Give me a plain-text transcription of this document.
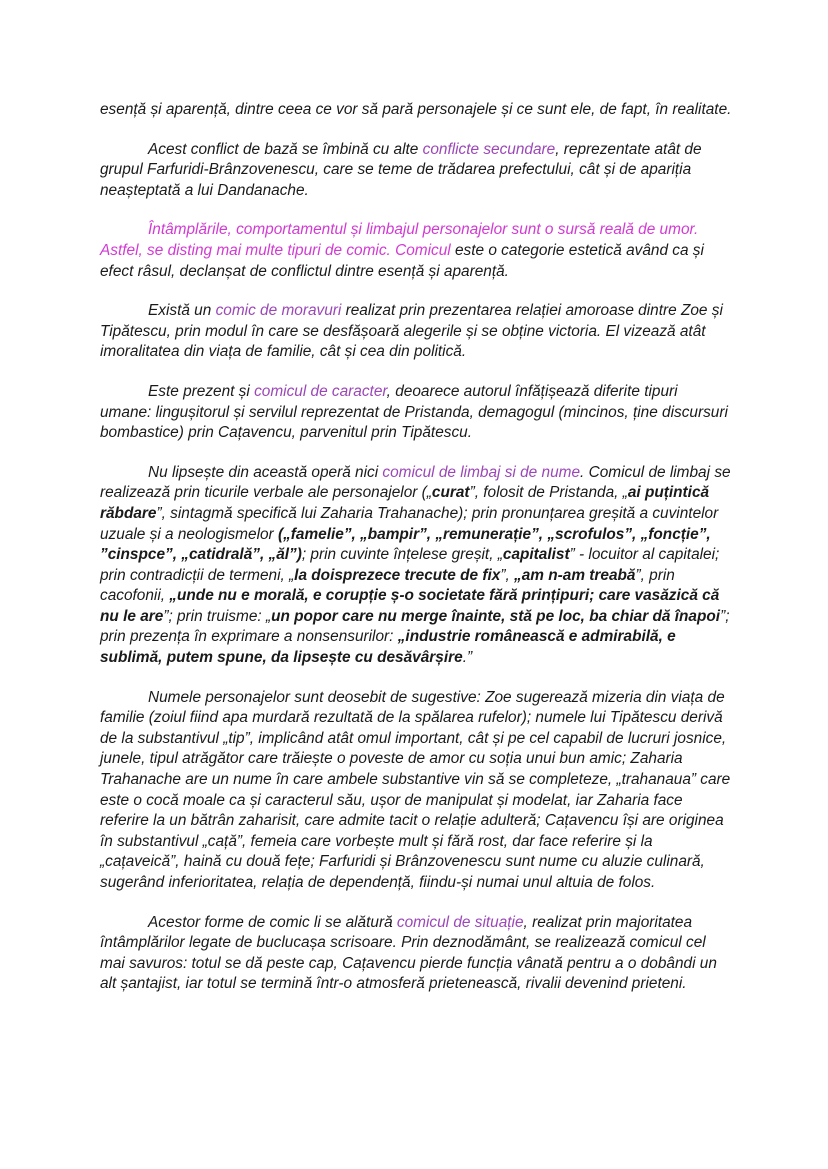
esență și aparență, dintre ceea ce vor să pară personajele și ce sunt ele, de fapt, în realitate.

Acest conflict de bază se îmbină cu alte conflicte secundare, reprezentate atât de grupul Farfuridi-Brânzovenescu, care se teme de trădarea prefectului, cât și de apariția neașteptată a lui Dandanache.

Întâmplările, comportamentul și limbajul personajelor sunt o sursă reală de umor. Astfel, se disting mai multe tipuri de comic. Comicul este o categorie estetică având ca și efect râsul, declanșat de conflictul dintre esență și aparență.

Există un comic de moravuri realizat prin prezentarea relației amoroase dintre Zoe și Tipătescu, prin modul în care se desfășoară alegerile și se obține victoria. El vizează atât imoralitatea din viața de familie, cât și cea din politică.

Este prezent și comicul de caracter, deoarece autorul înfățișează diferite tipuri umane: lingușitorul și servilul reprezentat de Pristanda, demagogul (mincinos, ține discursuri bombastice) prin Cațavencu, parvenitul prin Tipătescu.

Nu lipsește din această operă nici comicul de limbaj si de nume. Comicul de limbaj se realizează prin ticurile verbale ale personajelor („curat”, folosit de Pristanda, „ai puțintică răbdare”, sintagmă specifică lui Zaharia Trahanache); prin pronunțarea greșită a cuvintelor uzuale și a neologismelor („famelie”, „bampir”, „remunerație”, „scrofulos”, „foncție”, ”cinspce”, „catidrală”, „ăl”); prin cuvinte înțelese greșit, „capitalist” - locuitor al capitalei; prin contradicții de termeni, „la doisprezece trecute de fix”, „am n-am treabă”, prin cacofonii, „unde nu e morală, e corupție ș-o societate fără prințipuri; care vasăzică că nu le are”; prin truisme: „un popor care nu merge înainte, stă pe loc, ba chiar dă înapoi”; prin prezența în exprimare a nonsensurilor: „industrie românească e admirabilă, e sublimă, putem spune, da lipsește cu desăvârșire.”

Numele personajelor sunt deosebit de sugestive: Zoe sugerează mizeria din viața de familie (zoiul fiind apa murdară rezultată de la spălarea rufelor); numele lui Tipătescu derivă de la substantivul „tip”, implicând atât omul important, cât și pe cel capabil de lucruri josnice, junele, tipul atrăgător care trăiește o poveste de amor cu soția unui bun amic; Zaharia Trahanache are un nume în care ambele substantive vin să se completeze, „trahanaua” care este o cocă moale ca și caracterul său, ușor de manipulat și modelat, iar Zaharia face referire la un bătrân zaharisit, care admite tacit o relație adulteră; Cațavencu își are originea în substantivul „cață”, femeia care vorbește mult și fără rost, dar face referire și la „cațaveică”, haină cu două fețe; Farfuridi și Brânzovenescu sunt nume cu aluzie culinară, sugerând inferioritatea, relația de dependență, fiindu-și numai unul altuia de folos.

Acestor forme de comic li se alătură comicul de situație, realizat prin majoritatea întâmplărilor legate de buclucașa scrisoare. Prin deznodământ, se realizează comicul cel mai savuros: totul se dă peste cap, Cațavencu pierde funcția vânată pentru a o dobândi un alt șantajist, iar totul se termină într-o atmosferă prietenească, rivalii devenind prieteni.
